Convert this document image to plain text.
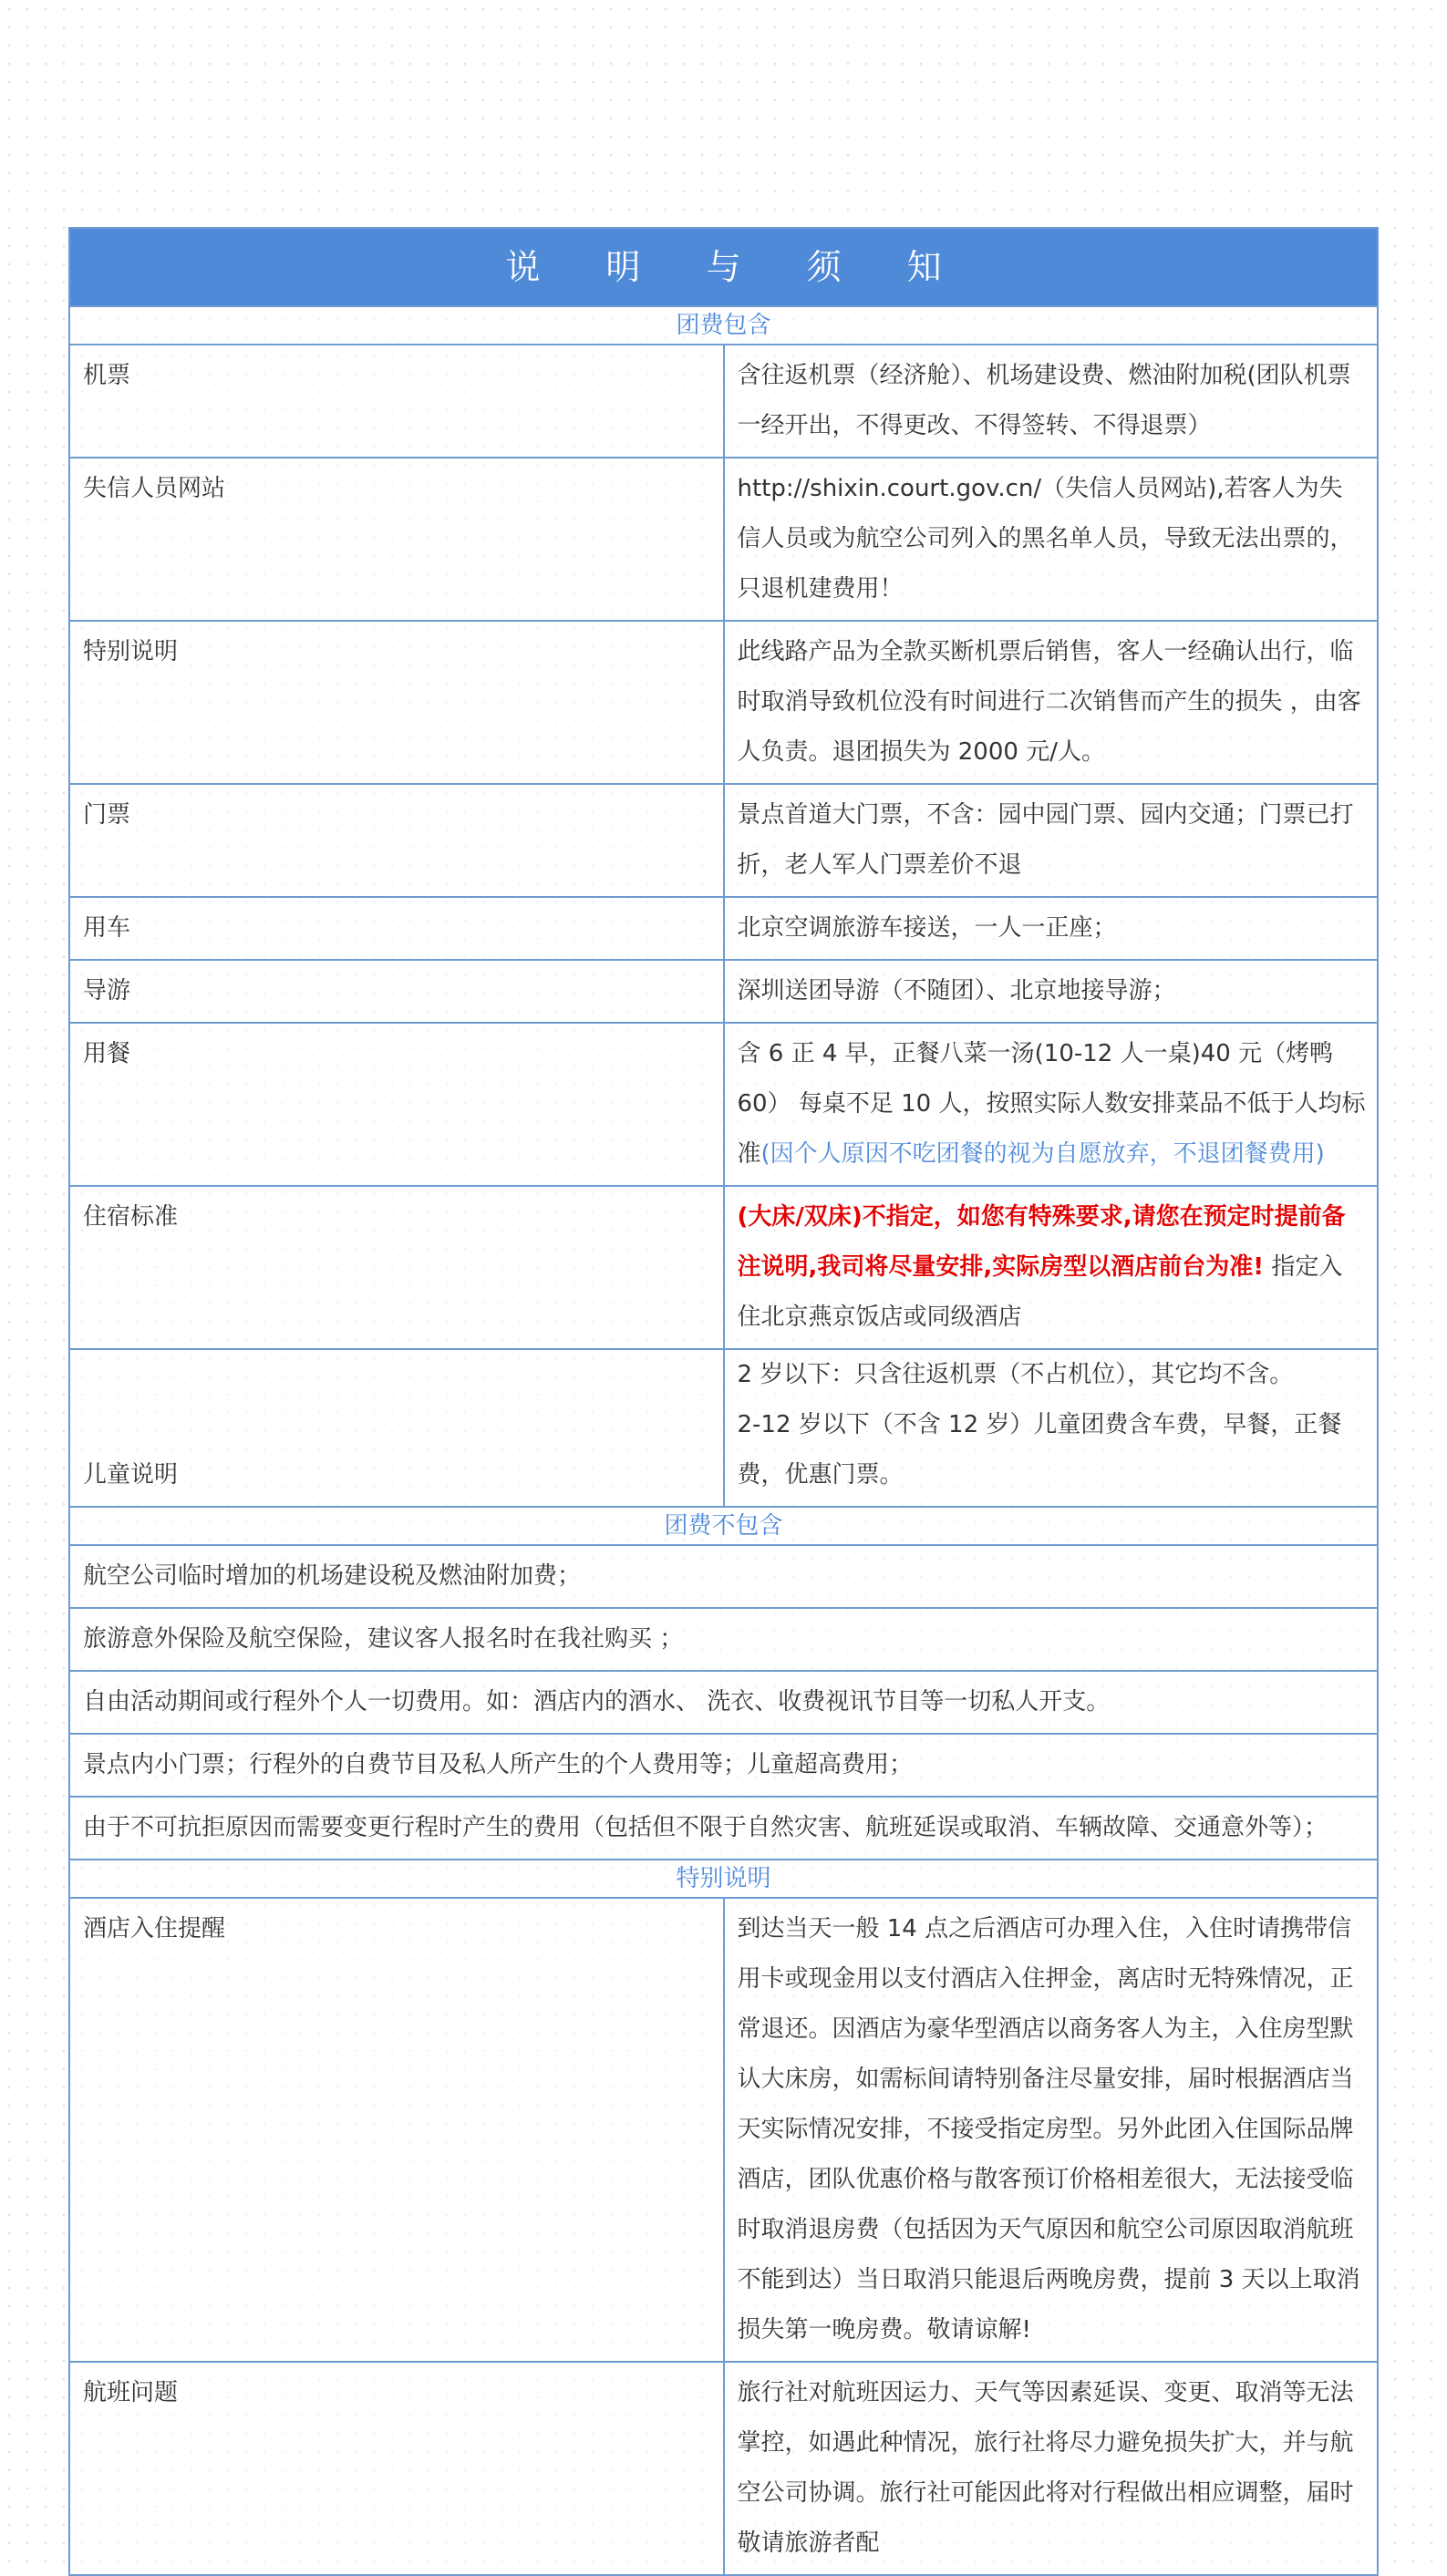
说 明 与 须 知	
团费包含	
机票	含往返机票（经济舱）、机场建设费、燃油附加税(团队机票一经开出，不得更改、不得签转、不得退票）
失信人员网站	http://shixin.court.gov.cn/（失信人员网站),若客人为失信人员或为航空公司列入的黑名单人员，导致无法出票的，只退机建费用！
特别说明	此线路产品为全款买断机票后销售，客人一经确认出行，临时取消导致机位没有时间进行二次销售而产生的损失 ，由客人负责。退团损失为 2000 元/人。
门票	景点首道大门票，不含：园中园门票、园内交通；门票已打折，老人军人门票差价不退
用车	北京空调旅游车接送，一人一正座；
导游	深圳送团导游（不随团）、北京地接导游；
用餐	含 6 正 4 早，正餐八菜一汤(10-12 人一桌)40 元（烤鸭 60） 每桌不足 10 人，按照实际人数安排菜品不低于人均标准(因个人原因不吃团餐的视为自愿放弃，不退团餐费用)
住宿标准	(大床/双床)不指定，如您有特殊要求,请您在预定时提前备注说明,我司将尽量安排,实际房型以酒店前台为准! 指定入住北京燕京饭店或同级酒店
儿童说明	2 岁以下：只含往返机票（不占机位），其它均不含。
2-12 岁以下（不含 12 岁）儿童团费含车费，早餐，正餐费，优惠门票。

团费不包含	
航空公司临时增加的机场建设税及燃油附加费；	
旅游意外保险及航空保险，建议客人报名时在我社购买 ；	
自由活动期间或行程外个人一切费用。如：酒店内的酒水、 洗衣、收费视讯节目等一切私人开支。	
景点内小门票；行程外的自费节目及私人所产生的个人费用等；儿童超高费用；	
由于不可抗拒原因而需要变更行程时产生的费用（包括但不限于自然灾害、航班延误或取消、车辆故障、交通意外等）；	
特别说明	
酒店入住提醒	到达当天一般 14 点之后酒店可办理入住，入住时请携带信用卡或现金用以支付酒店入住押金，离店时无特殊情况，正常退还。因酒店为豪华型酒店以商务客人为主，入住房型默认大床房，如需标间请特别备注尽量安排，届时根据酒店当天实际情况安排，不接受指定房型。另外此团入住国际品牌酒店，团队优惠价格与散客预订价格相差很大，无法接受临时取消退房费（包括因为天气原因和航空公司原因取消航班不能到达）当日取消只能退后两晚房费，提前 3 天以上取消损失第一晚房费。敬请谅解!
航班问题	旅行社对航班因运力、天气等因素延误、变更、取消等无法掌控，如遇此种情况，旅行社将尽力避免损失扩大，并与航空公司协调。旅行社可能因此将对行程做出相应调整，届时敬请旅游者配
